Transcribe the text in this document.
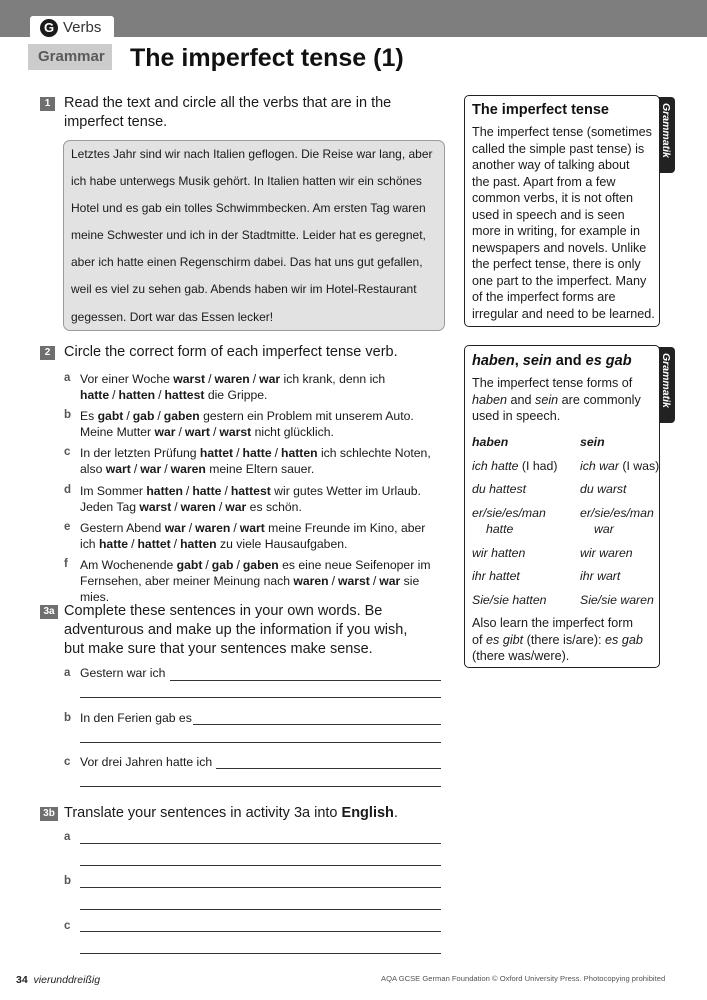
G Verbs
Grammar The imperfect tense (1)
1 Read the text and circle all the verbs that are in the
imperfect tense.
Letztes Jahr sind wir nach Italien geflogen. Die Reise war lang, aber
ich habe unterwegs Musik gehört. In Italien hatten wir ein schönes
Hotel und es gab ein tolles Schwimmbecken. Am ersten Tag waren
meine Schwester und ich in der Stadtmitte. Leider hat es geregnet,
aber ich hatte einen Regenschirm dabei. Das hat uns gut gefallen,
weil es viel zu sehen gab. Abends haben wir im Hotel-Restaurant
gegessen. Dort war das Essen lecker!
2 Circle the correct form of each imperfect tense verb.
a Vor einer Woche warst / waren / war ich krank, denn ich
hatte / hatten / hattest die Grippe.
b Es gabt / gab / gaben gestern ein Problem mit unserem Auto.
Meine Mutter war / wart / warst nicht glücklich.
c In der letzten Prüfung hattet / hatte / hatten ich schlechte Noten,
also wart / war / waren meine Eltern sauer.
d Im Sommer hatten / hatte / hattest wir gutes Wetter im Urlaub.
Jeden Tag warst / waren / war es schön.
e Gestern Abend war / waren / wart meine Freunde im Kino, aber
ich hatte / hattet / hatten zu viele Hausaufgaben.
f Am Wochenende gabt / gab / gaben es eine neue Seifenoper im
Fernsehen, aber meiner Meinung nach waren / warst / war sie mies.
3a Complete these sentences in your own words. Be
adventurous and make up the information if you wish,
but make sure that your sentences make sense.
a Gestern war ich
b In den Ferien gab es
c Vor drei Jahren hatte ich
3b Translate your sentences in activity 3a into English.
a
b
c
Grammatik
The imperfect tense
The imperfect tense (sometimes
called the simple past tense) is
another way of talking about
the past. Apart from a few
common verbs, it is not often
used in speech and is seen
more in writing, for example in
newspapers and novels. Unlike
the perfect tense, there is only
one part to the imperfect. Many
of the imperfect forms are
irregular and need to be learned.
Grammatik
haben, sein and es gab
The imperfect tense forms of
haben and sein are commonly
used in speech.
haben	sein
ich hatte (I had) ich war (I was)
du hattest	du warst
er/sie/es/man	er/sie/es/man
hatte	war
wir hatten	wir waren
ihr hattet	ihr wart
Sie/sie hatten	Sie/sie waren
Also learn the imperfect form
of es gibt (there is/are): es gab
(there was/were).
34 vierunddreißig	AQA GCSE German Foundation © Oxford University Press. Photocopying prohibited
